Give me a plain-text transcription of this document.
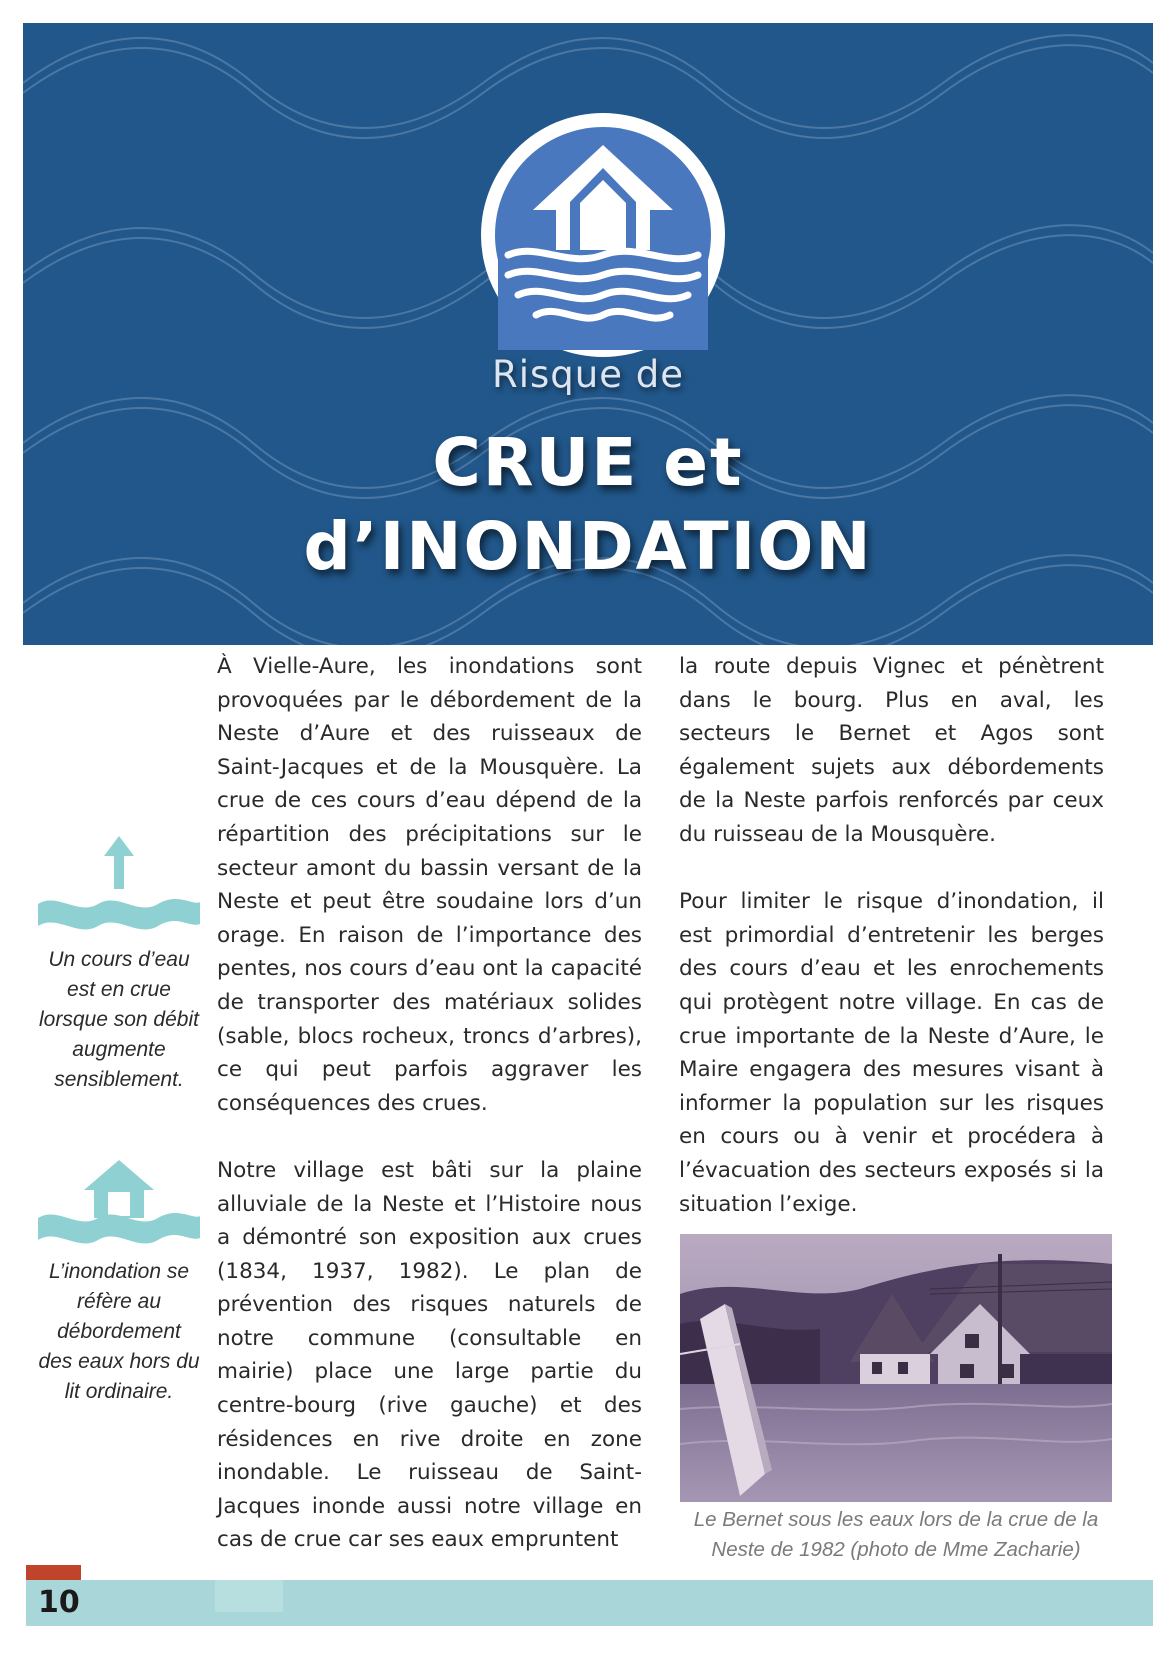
Risque de
CRUE et
d’INONDATION
Un cours d’eau est en crue lorsque son débit augmente sensiblement.
L’inondation se réfère au débordement des eaux hors du lit ordinaire.

À Vielle-Aure, les inondations sont provoquées par le débordement de la Neste d’Aure et des ruisseaux de Saint-Jacques et de la Mousquère. La crue de ces cours d’eau dépend de la répartition des précipitations sur le secteur amont du bassin versant de la Neste et peut être soudaine lors d’un orage. En raison de l’importance des pentes, nos cours d’eau ont la capacité de transporter des matériaux solides (sable, blocs rocheux, troncs d’arbres), ce qui peut parfois aggraver les conséquences des crues.

Notre village est bâti sur la plaine alluviale de la Neste et l’Histoire nous a démontré son exposition aux crues (1834, 1937, 1982). Le plan de prévention des risques naturels de notre commune (consultable en mairie) place une large partie du centre-bourg (rive gauche) et des résidences en rive droite en zone inondable. Le ruisseau de Saint-Jacques inonde aussi notre village en cas de crue car ses eaux empruntent

la route depuis Vignec et pénètrent dans le bourg. Plus en aval, les secteurs le Bernet et Agos sont également sujets aux débordements de la Neste parfois renforcés par ceux du ruisseau de la Mousquère.

Pour limiter le risque d’inondation, il est primordial d’entretenir les berges des cours d’eau et les enrochements qui protègent notre village. En cas de crue importante de la Neste d’Aure, le Maire engagera des mesures visant à informer la population sur les risques en cours ou à venir et procédera à l’évacuation des secteurs exposés si la situation l’exige.

Le Bernet sous les eaux lors de la crue de la Neste de 1982 (photo de Mme Zacharie)
10
